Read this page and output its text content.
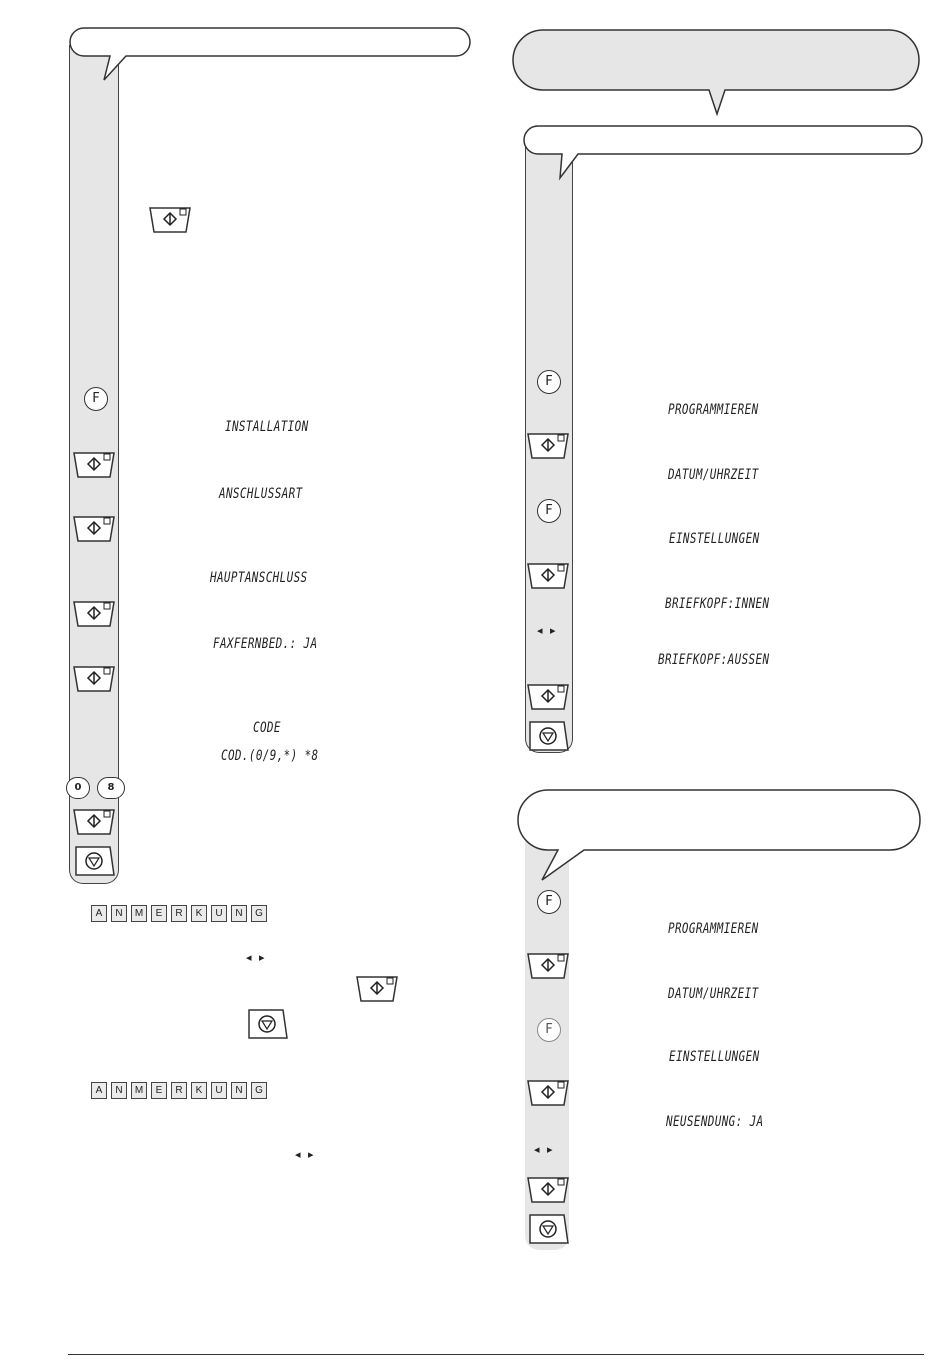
F
INSTALLATION
ANSCHLUSSART
HAUPTANSCHLUSS
FAXFERNBED.: JA
CODE
COD.(0/9,*) *8
0	8
A	N	M	E	R	K	U	N	G
◂ ▸
A	N	M	E	R	K	U	N	G
◂ ▸
F
PROGRAMMIEREN
DATUM/UHRZEIT
F
EINSTELLUNGEN
BRIEFKOPF:INNEN
◂ ▸
BRIEFKOPF:AUSSEN
F
PROGRAMMIEREN
DATUM/UHRZEIT
F
EINSTELLUNGEN
NEUSENDUNG: JA
◂ ▸
